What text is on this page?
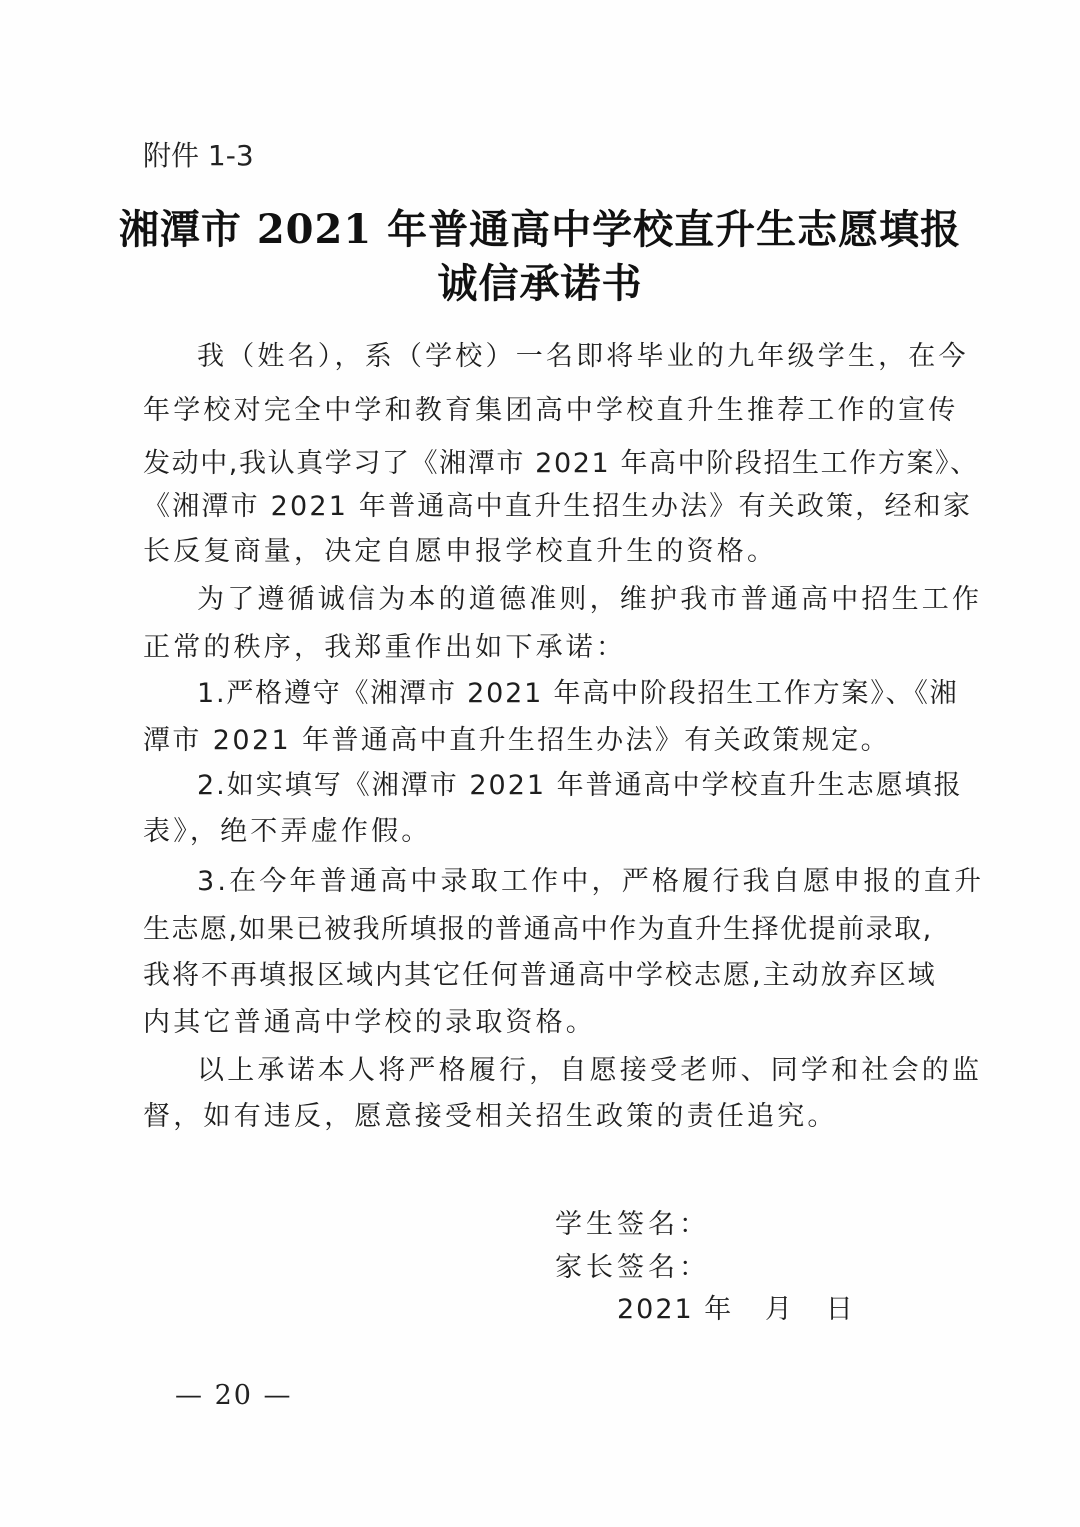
附件 1-3
湘潭市 2021 年普通高中学校直升生志愿填报
诚信承诺书
我（姓名），系（学校）一名即将毕业的九年级学生，在今
年学校对完全中学和教育集团高中学校直升生推荐工作的宣传
发动中,我认真学习了《湘潭市 2021 年高中阶段招生工作方案》、
《湘潭市 2021 年普通高中直升生招生办法》有关政策，经和家
长反复商量，决定自愿申报学校直升生的资格。
为了遵循诚信为本的道德准则，维护我市普通高中招生工作
正常的秩序，我郑重作出如下承诺：
1.严格遵守《湘潭市 2021 年高中阶段招生工作方案》、《湘
潭市 2021 年普通高中直升生招生办法》有关政策规定。
2.如实填写《湘潭市 2021 年普通高中学校直升生志愿填报
表》，绝不弄虚作假。
3.在今年普通高中录取工作中，严格履行我自愿申报的直升
生志愿,如果已被我所填报的普通高中作为直升生择优提前录取,
我将不再填报区域内其它任何普通高中学校志愿,主动放弃区域
内其它普通高中学校的录取资格。
以上承诺本人将严格履行，自愿接受老师、同学和社会的监
督，如有违反，愿意接受相关招生政策的责任追究。
学生签名：
家长签名：
2021 年   月   日
— 20 —
